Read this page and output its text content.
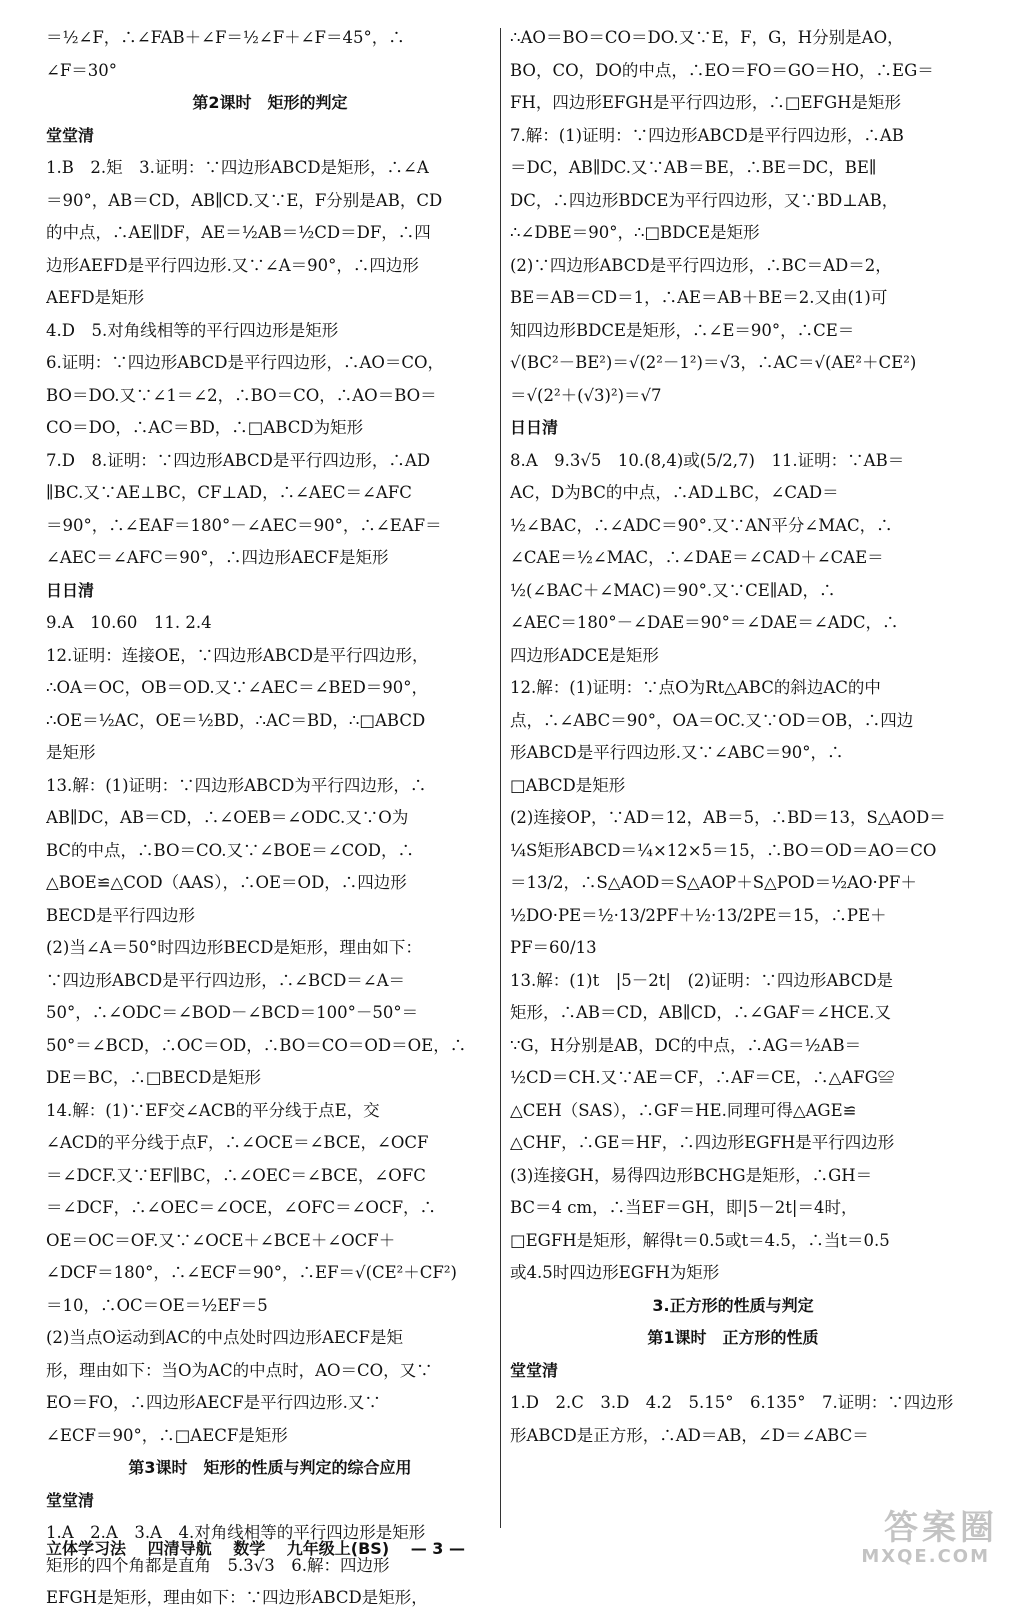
＝½∠F，∴∠FAB＋∠F＝½∠F＋∠F＝45°，∴
∠F＝30°
第2课时　矩形的判定
堂堂清
1.B　2.矩　3.证明：∵四边形ABCD是矩形，∴∠A
＝90°，AB＝CD，AB∥CD.又∵E，F分别是AB，CD
的中点，∴AE∥DF，AE＝½AB＝½CD＝DF，∴四
边形AEFD是平行四边形.又∵∠A＝90°，∴四边形
AEFD是矩形
4.D　5.对角线相等的平行四边形是矩形
6.证明：∵四边形ABCD是平行四边形，∴AO＝CO，
BO＝DO.又∵∠1＝∠2，∴BO＝CO，∴AO＝BO＝
CO＝DO，∴AC＝BD，∴□ABCD为矩形
7.D　8.证明：∵四边形ABCD是平行四边形，∴AD
∥BC.又∵AE⊥BC，CF⊥AD，∴∠AEC＝∠AFC
＝90°，∴∠EAF＝180°－∠AEC＝90°，∴∠EAF＝
∠AEC＝∠AFC＝90°，∴四边形AECF是矩形
日日清
9.A　10.60　11. 2.4
12.证明：连接OE，∵四边形ABCD是平行四边形，
∴OA＝OC，OB＝OD.又∵∠AEC＝∠BED＝90°，
∴OE＝½AC，OE＝½BD，∴AC＝BD，∴□ABCD
是矩形
13.解：(1)证明：∵四边形ABCD为平行四边形，∴
AB∥DC，AB＝CD，∴∠OEB＝∠ODC.又∵O为
BC的中点，∴BO＝CO.又∵∠BOE＝∠COD，∴
△BOE≌△COD（AAS），∴OE＝OD，∴四边形
BECD是平行四边形
(2)当∠A＝50°时四边形BECD是矩形，理由如下：
∵四边形ABCD是平行四边形，∴∠BCD＝∠A＝
50°，∴∠ODC＝∠BOD－∠BCD＝100°－50°＝
50°＝∠BCD，∴OC＝OD，∴BO＝CO＝OD＝OE，∴
DE＝BC，∴□BECD是矩形
14.解：(1)∵EF交∠ACB的平分线于点E，交
∠ACD的平分线于点F，∴∠OCE＝∠BCE，∠OCF
＝∠DCF.又∵EF∥BC，∴∠OEC＝∠BCE，∠OFC
＝∠DCF，∴∠OEC＝∠OCE，∠OFC＝∠OCF，∴
OE＝OC＝OF.又∵∠OCE＋∠BCE＋∠OCF＋
∠DCF＝180°，∴∠ECF＝90°，∴EF＝√(CE²＋CF²)
＝10，∴OC＝OE＝½EF＝5
(2)当点O运动到AC的中点处时四边形AECF是矩
形，理由如下：当O为AC的中点时，AO＝CO，又∵
EO＝FO，∴四边形AECF是平行四边形.又∵
∠ECF＝90°，∴□AECF是矩形
第3课时　矩形的性质与判定的综合应用
堂堂清
1.A　2.A　3.A　4.对角线相等的平行四边形是矩形
矩形的四个角都是直角　5.3√3　6.解：四边形
EFGH是矩形，理由如下：∵四边形ABCD是矩形，
∴AO＝BO＝CO＝DO.又∵E，F，G，H分别是AO，
BO，CO，DO的中点，∴EO＝FO＝GO＝HO，∴EG＝
FH，四边形EFGH是平行四边形，∴□EFGH是矩形
7.解：(1)证明：∵四边形ABCD是平行四边形，∴AB
＝DC，AB∥DC.又∵AB＝BE，∴BE＝DC，BE∥
DC，∴四边形BDCE为平行四边形，又∵BD⊥AB，
∴∠DBE＝90°，∴□BDCE是矩形
(2)∵四边形ABCD是平行四边形，∴BC＝AD＝2，
BE＝AB＝CD＝1，∴AE＝AB＋BE＝2.又由(1)可
知四边形BDCE是矩形，∴∠E＝90°，∴CE＝
√(BC²－BE²)＝√(2²－1²)＝√3，∴AC＝√(AE²＋CE²)
＝√(2²＋(√3)²)＝√7
日日清
8.A　9.3√5　10.(8,4)或(5/2,7)　11.证明：∵AB＝
AC，D为BC的中点，∴AD⊥BC，∠CAD＝
½∠BAC，∴∠ADC＝90°.又∵AN平分∠MAC，∴
∠CAE＝½∠MAC，∴∠DAE＝∠CAD＋∠CAE＝
½(∠BAC＋∠MAC)＝90°.又∵CE∥AD，∴
∠AEC＝180°－∠DAE＝90°＝∠DAE＝∠ADC，∴
四边形ADCE是矩形
12.解：(1)证明：∵点O为Rt△ABC的斜边AC的中
点，∴∠ABC＝90°，OA＝OC.又∵OD＝OB，∴四边
形ABCD是平行四边形.又∵∠ABC＝90°，∴
□ABCD是矩形
(2)连接OP，∵AD＝12，AB＝5，∴BD＝13，S△AOD＝
¼S矩形ABCD＝¼×12×5＝15，∴BO＝OD＝AO＝CO
＝13/2，∴S△AOD＝S△AOP＋S△POD＝½AO·PF＋
½DO·PE＝½·13/2PF＋½·13/2PE＝15，∴PE＋
PF＝60/13
13.解：(1)t　|5－2t|　(2)证明：∵四边形ABCD是
矩形，∴AB＝CD，AB∥CD，∴∠GAF＝∠HCE.又
∵G，H分别是AB，DC的中点，∴AG＝½AB＝
½CD＝CH.又∵AE＝CF，∴AF＝CE，∴△AFG≌
△CEH（SAS），∴GF＝HE.同理可得△AGE≌
△CHF，∴GE＝HF，∴四边形EGFH是平行四边形
(3)连接GH，易得四边形BCHG是矩形，∴GH＝
BC＝4 cm，∴当EF＝GH，即|5－2t|＝4时，
□EGFH是矩形，解得t＝0.5或t＝4.5，∴当t＝0.5
或4.5时四边形EGFH为矩形
3.正方形的性质与判定
第1课时　正方形的性质
堂堂清
1.D　2.C　3.D　4.2　5.15°　6.135°　7.证明：∵四边形
形ABCD是正方形，∴AD＝AB，∠D＝∠ABC＝
立体学习法 四清导航 数学 九年级上(BS) — 3 —
答案圈
MXQE.COM
